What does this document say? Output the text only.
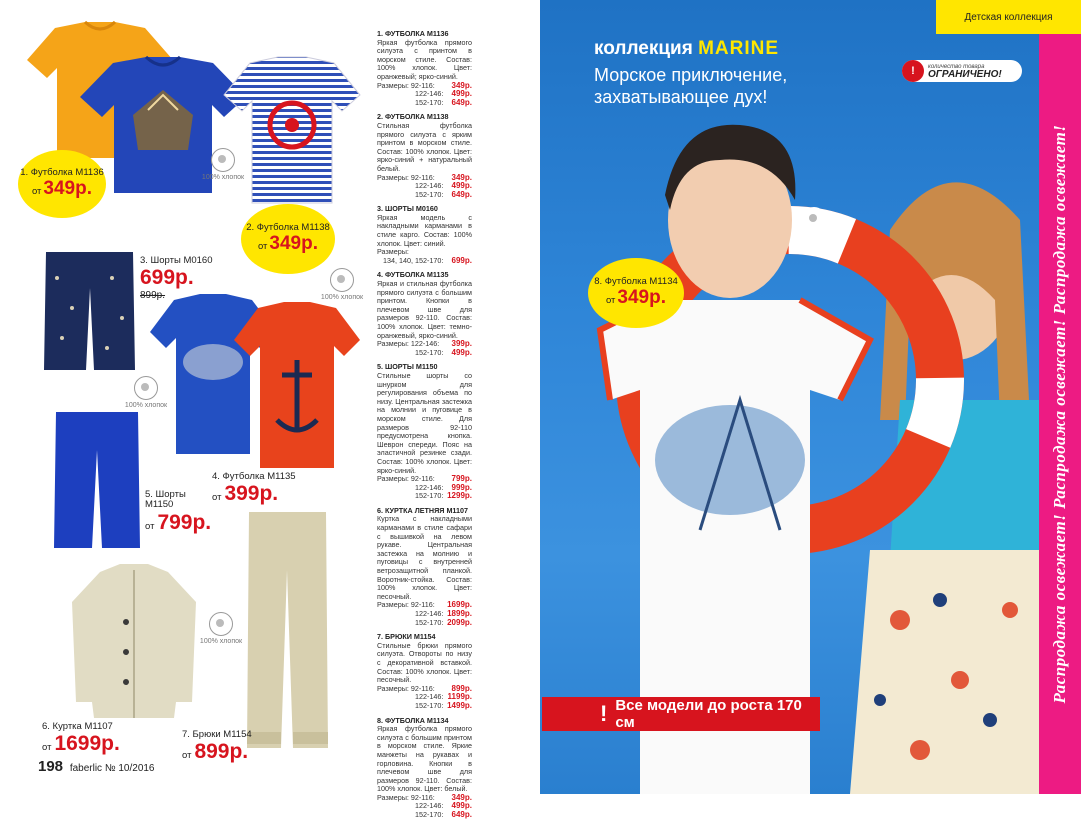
1. Футболка M1136
от 349р.
2. Футболка M1138
от 349р.
3. Шорты M0160
699р.
899р.
4. Футболка M1135
от 399р.
5. Шорты
M1150
от 799р.
6. Куртка M1107
от 1699р.	7. Брюки M1154
от 899р.
100% хлопок
100% хлопок
100% хлопок
100% хлопок
1. ФУТБОЛКА M1136
Яркая футболка прямого силуэта с принтом в морском стиле. Состав: 100% хлопок. Цвет: оранжевый; ярко-синий.
Размеры: 92-116: 349р.
122-146: 499р.
152-170: 649р.
2. ФУТБОЛКА M1138
Стильная футболка прямого силуэта с ярким принтом в морском стиле. Состав: 100% хлопок. Цвет: ярко-синий + натуральный белый.
Размеры: 92-116: 349р.
122-146: 499р.
152-170: 649р.
3. ШОРТЫ M0160
Яркая модель с накладными карманами в стиле карго. Состав: 100% хлопок. Цвет: синий.
Размеры:
134, 140, 152-170: 699р.
4. ФУТБОЛКА M1135
Яркая и стильная футболка прямого силуэта с большим принтом. Кнопки в плечевом шве для размеров 92-110. Состав: 100% хлопок. Цвет: темно-оранжевый, ярко-синий.
Размеры: 122-146: 399р.
152-170: 499р.
5. ШОРТЫ M1150
Стильные шорты со шнурком для регулирования объема по низу. Центральная застежка на молнии и пуговице в морском стиле. Для размеров 92-110 предусмотрена кнопка. Шеврон спереди. Пояс на эластичной резинке сзади. Состав: 100% хлопок. Цвет: ярко-синий.
Размеры: 92-116: 799р.
122-146: 999р.
152-170: 1299р.
6. КУРТКА ЛЕТНЯЯ M1107
Куртка с накладными карманами в стиле сафари с вышивкой на левом рукаве. Центральная застежка на молнию и пуговицы с внутренней ветрозащитной планкой. Воротник-стойка. Состав: 100% хлопок. Цвет: песочный.
Размеры: 92-116: 1699р.
122-146: 1899р.
152-170: 2099р.
7. БРЮКИ M1154
Стильные брюки прямого силуэта. Отвороты по низу с декоративной вставкой. Состав: 100% хлопок. Цвет: песочный.
Размеры: 92-116: 899р.
122-146: 1199р.
152-170: 1499р.
8. ФУТБОЛКА M1134
Яркая футболка прямого силуэта с большим принтом в морском стиле. Яркие манжеты на рукавах и горловина. Кнопки в плечевом шве для размеров 92-110. Состав: 100% хлопок. Цвет: белый.
Размеры: 92-116: 349р.
122-146: 499р.
152-170: 649р.
198 faberlic № 10/2016
коллекция MARINE
Морское приключение, захватывающее дух!
!	количество товара
ОГРАНИЧЕНО!
100% хлопок
8. Футболка M1134
от 349р.
! Все модели до роста 170 см
Детская коллекция
Распродажа освежает! Распродажа освежает! Распродажа освежает!
